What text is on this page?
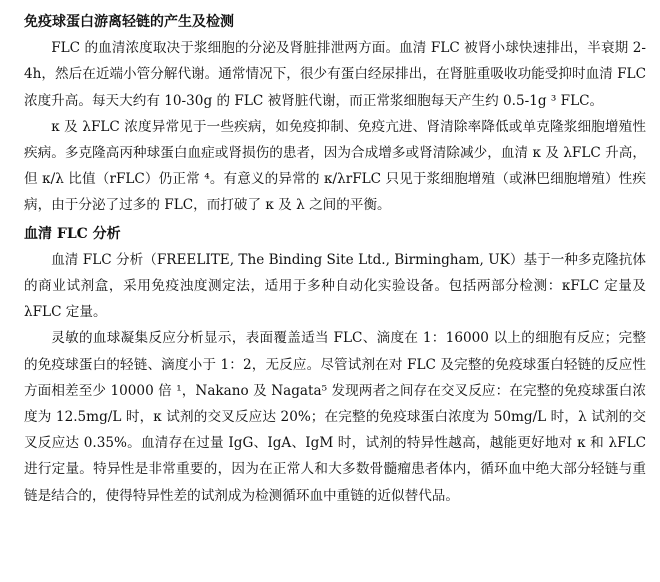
免疫球蛋白游离轻链的产生及检测

FLC 的血清浓度取决于浆细胞的分泌及肾脏排泄两方面。血清 FLC 被肾小球快速排出，半衰期 2-4h，然后在近端小管分解代谢。通常情况下，很少有蛋白经尿排出，在肾脏重吸收功能受抑时血清 FLC 浓度升高。每天大约有 10-30g 的 FLC 被肾脏代谢，而正常浆细胞每天产生约 0.5-1g ³ FLC。

κ 及 λFLC 浓度异常见于一些疾病，如免疫抑制、免疫亢进、肾清除率降低或单克隆浆细胞增殖性疾病。多克隆高丙种球蛋白血症或肾损伤的患者，因为合成增多或肾清除减少，血清 κ 及 λFLC 升高，但 κ/λ 比值（rFLC）仍正常 ⁴。有意义的异常的 κ/λrFLC 只见于浆细胞增殖（或淋巴细胞增殖）性疾病，由于分泌了过多的 FLC，而打破了 κ 及 λ 之间的平衡。

血清 FLC 分析

血清 FLC 分析（FREELITE, The Binding Site Ltd., Birmingham, UK）基于一种多克隆抗体的商业试剂盒，采用免疫浊度测定法，适用于多种自动化实验设备。包括两部分检测：κFLC 定量及 λFLC 定量。

灵敏的血球凝集反应分析显示，表面覆盖适当 FLC、滴度在 1：16000 以上的细胞有反应；完整的免疫球蛋白的轻链、滴度小于 1：2，无反应。尽管试剂在对 FLC 及完整的免疫球蛋白轻链的反应性方面相差至少 10000 倍 ¹，Nakano 及 Nagata⁵ 发现两者之间存在交叉反应：在完整的免疫球蛋白浓度为 12.5mg/L 时，κ 试剂的交叉反应达 20%；在完整的免疫球蛋白浓度为 50mg/L 时，λ 试剂的交叉反应达 0.35%。血清存在过量 IgG、IgA、IgM 时，试剂的特异性越高，越能更好地对 κ 和 λFLC 进行定量。特异性是非常重要的，因为在正常人和大多数骨髓瘤患者体内，循环血中绝大部分轻链与重链是结合的，使得特异性差的试剂成为检测循环血中重链的近似替代品。
